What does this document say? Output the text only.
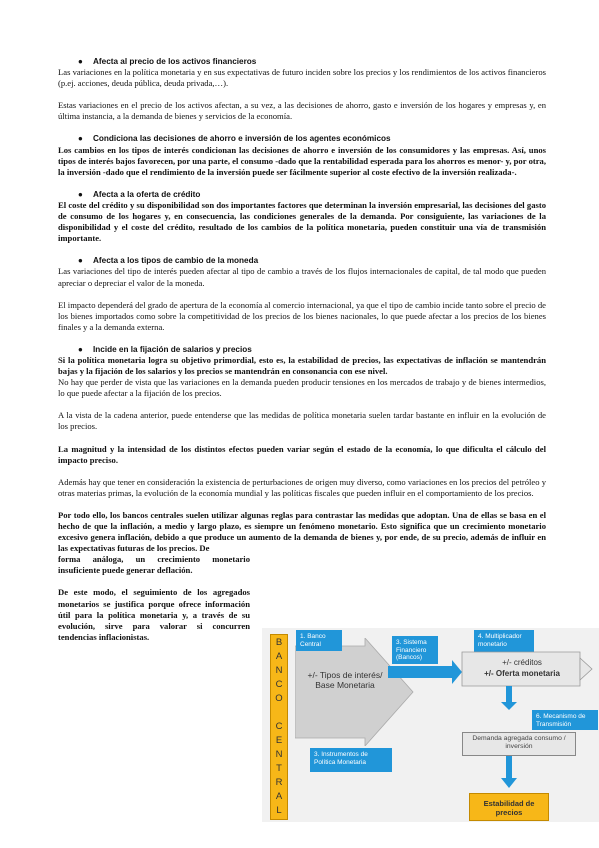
● Afecta al precio de los activos financieros

Las variaciones en la política monetaria y en sus expectativas de futuro inciden sobre los precios y los rendimientos de los activos financieros (p.ej. acciones, deuda pública, deuda privada,…).

Estas variaciones en el precio de los activos afectan, a su vez, a las decisiones de ahorro, gasto e inversión de los hogares y empresas y, en última instancia, a la demanda de bienes y servicios de la economía.

● Condiciona las decisiones de ahorro e inversión de los agentes económicos

Los cambios en los tipos de interés condicionan las decisiones de ahorro e inversión de los consumidores y las empresas. Así, unos tipos de interés bajos favorecen, por una parte, el consumo -dado que la rentabilidad esperada para los ahorros es menor- y, por otra, la inversión -dado que el rendimiento de la inversión puede ser fácilmente superior al coste efectivo de la inversión realizada-.

● Afecta a la oferta de crédito

El coste del crédito y su disponibilidad son dos importantes factores que determinan la inversión empresarial, las decisiones del gasto de consumo de los hogares y, en consecuencia, las condiciones generales de la demanda. Por consiguiente, las variaciones de la disponibilidad y el coste del crédito, resultado de los cambios de la política monetaria, pueden constituir una vía de transmisión importante.

● Afecta a los tipos de cambio de la moneda

Las variaciones del tipo de interés pueden afectar al tipo de cambio a través de los flujos internacionales de capital, de tal modo que pueden apreciar o depreciar el valor de la moneda.

El impacto dependerá del grado de apertura de la economía al comercio internacional, ya que el tipo de cambio incide tanto sobre el precio de los bienes importados como sobre la competitividad de los precios de los bienes nacionales, lo que puede afectar a los precios de los bienes finales y a la demanda externa.

● Incide en la fijación de salarios y precios

Si la política monetaria logra su objetivo primordial, esto es, la estabilidad de precios, las expectativas de inflación se mantendrán bajas y la fijación de los salarios y los precios se mantendrán en consonancia con ese nivel.

No hay que perder de vista que las variaciones en la demanda pueden producir tensiones en los mercados de trabajo y de bienes intermedios, lo que puede afectar a la fijación de los precios.

A la vista de la cadena anterior, puede entenderse que las medidas de política monetaria suelen tardar bastante en influir en la evolución de los precios.

La magnitud y la intensidad de los distintos efectos pueden variar según el estado de la economía, lo que dificulta el cálculo del impacto preciso.

Además hay que tener en consideración la existencia de perturbaciones de origen muy diverso, como variaciones en los precios del petróleo y otras materias primas, la evolución de la economía mundial y las políticas fiscales que pueden influir en el comportamiento de los precios.

Por todo ello, los bancos centrales suelen utilizar algunas reglas para contrastar las medidas que adoptan. Una de ellas se basa en el hecho de que la inflación, a medio y largo plazo, es siempre un fenómeno monetario. Esto significa que un crecimiento monetario excesivo genera inflación, debido a que produce un aumento de la demanda de bienes y, por ende, de su precio, además de influir en las expectativas futuras de los precios. De

forma análoga, un crecimiento monetario insuficiente puede generar deflación.

De este modo, el seguimiento de los agregados monetarios se justifica porque ofrece información útil para la política monetaria y, a través de su evolución, sirve para valorar si concurren tendencias inflacionistas.

B
A
N
C
O
C
E
N
T
R
A
L
1. Banco Central
+/- Tipos de interés/ Base Monetaria
3. Sistema Financiero (Bancos)
4. Multiplicador monetario
+/- créditos
+/- Oferta monetaria
3. Instrumentos de Política Monetaria
6. Mecanismo de Transmisión
Demanda agregada consumo / inversión
Estabilidad de precios
